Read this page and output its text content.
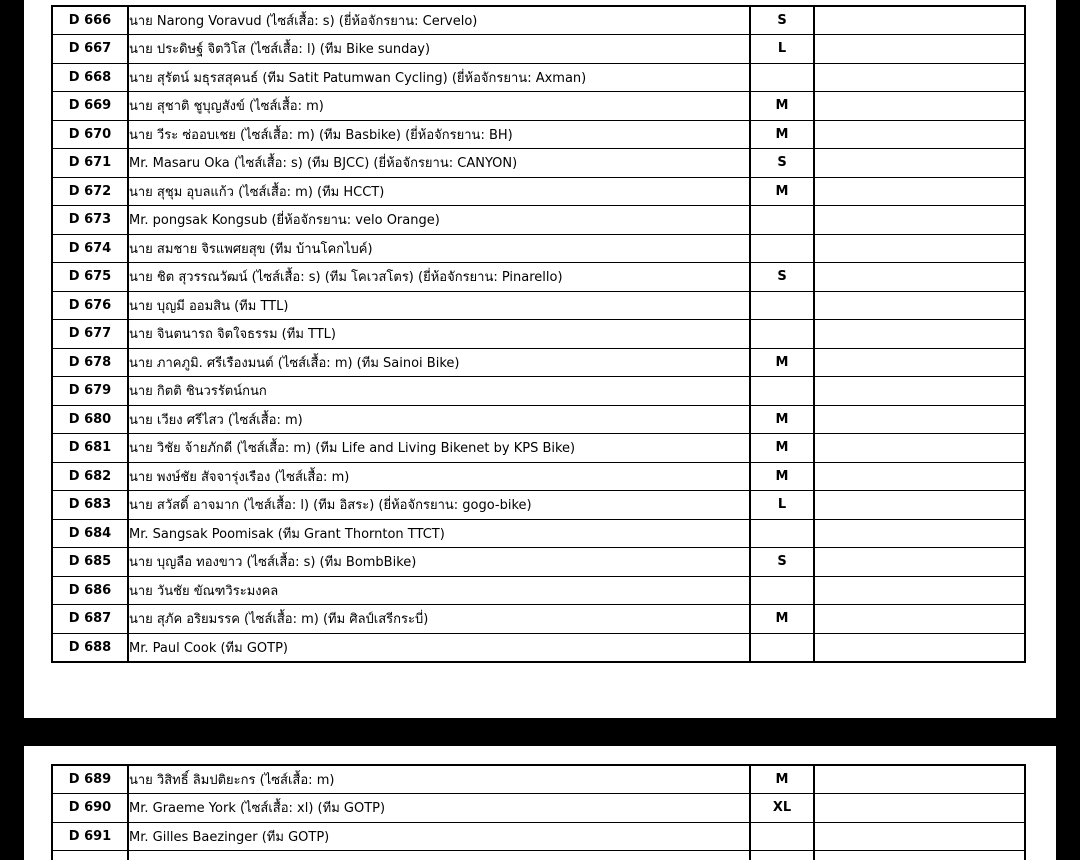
D 666	นาย Narong Voravud (ไซส์เสื้อ: s) (ยี่ห้อจักรยาน: Cervelo)	S	
D 667	นาย ประดิษฐ์ จิตวิโส (ไซส์เสื้อ: l) (ทีม Bike sunday)	L	
D 668	นาย สุรัตน์ มธุรสสุคนธ์ (ทีม Satit Patumwan Cycling) (ยี่ห้อจักรยาน: Axman)		
D 669	นาย สุชาติ ชูบุญสังข์ (ไซส์เสื้อ: m)	M	
D 670	นาย วีระ ซ่ออบเชย (ไซส์เสื้อ: m) (ทีม Basbike) (ยี่ห้อจักรยาน: BH)	M	
D 671	Mr. Masaru Oka (ไซส์เสื้อ: s) (ทีม BJCC) (ยี่ห้อจักรยาน: CANYON)	S	
D 672	นาย สุชุม อุบลแก้ว (ไซส์เสื้อ: m) (ทีม HCCT)	M	
D 673	Mr. pongsak Kongsub (ยี่ห้อจักรยาน: velo Orange)		
D 674	นาย สมชาย จิรแพศยสุข (ทีม บ้านโคกไบค์)		
D 675	นาย ชิต สุวรรณวัฒน์ (ไซส์เสื้อ: s) (ทีม โคเวสโตร) (ยี่ห้อจักรยาน: Pinarello)	S	
D 676	นาย บุญมี ออมสิน (ทีม TTL)		
D 677	นาย จินตนารถ จิตใจธรรม (ทีม TTL)		
D 678	นาย ภาคภูมิ. ศรีเรืองมนต์ (ไซส์เสื้อ: m) (ทีม Sainoi Bike)	M	
D 679	นาย กิตติ ชินวรรัตน์กนก		
D 680	นาย เวียง ศรีไสว (ไซส์เสื้อ: m)	M	
D 681	นาย วิชัย จ้ายภักดี (ไซส์เสื้อ: m) (ทีม Life and Living Bikenet by KPS Bike)	M	
D 682	นาย พงษ์ชัย สัจจารุ่งเรือง (ไซส์เสื้อ: m)	M	
D 683	นาย สวัสดิ์ อาจมาก (ไซส์เสื้อ: l) (ทีม อิสระ) (ยี่ห้อจักรยาน: gogo-bike)	L	
D 684	Mr. Sangsak Poomisak (ทีม Grant Thornton TTCT)		
D 685	นาย บุญลือ ทองขาว (ไซส์เสื้อ: s) (ทีม BombBike)	S	
D 686	นาย วันชัย ขัณฑวิระมงคล		
D 687	นาย สุภัค อริยมรรค (ไซส์เสื้อ: m) (ทีม ศิลป์เสรีกระบี่)	M	
D 688	Mr. Paul Cook (ทีม GOTP)		
D 689	นาย วิสิทธิ์ ลิมปติยะกร (ไซส์เสื้อ: m)	M	
D 690	Mr. Graeme York (ไซส์เสื้อ: xl) (ทีม GOTP)	XL	
D 691	Mr. Gilles Baezinger (ทีม GOTP)		
